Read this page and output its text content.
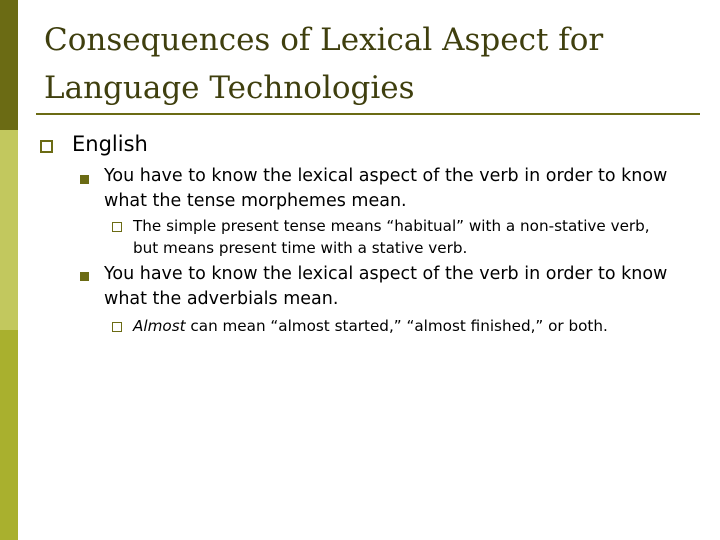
Consequences of Lexical Aspect for
Language Technologies
English
You have to know the lexical aspect of the verb in order to know what the tense morphemes mean.
The simple present tense means “habitual” with a non-stative verb, but means present time with a stative verb.
You have to know the lexical aspect of the verb in order to know what the adverbials mean.
Almost can mean “almost started,” “almost finished,” or both.
